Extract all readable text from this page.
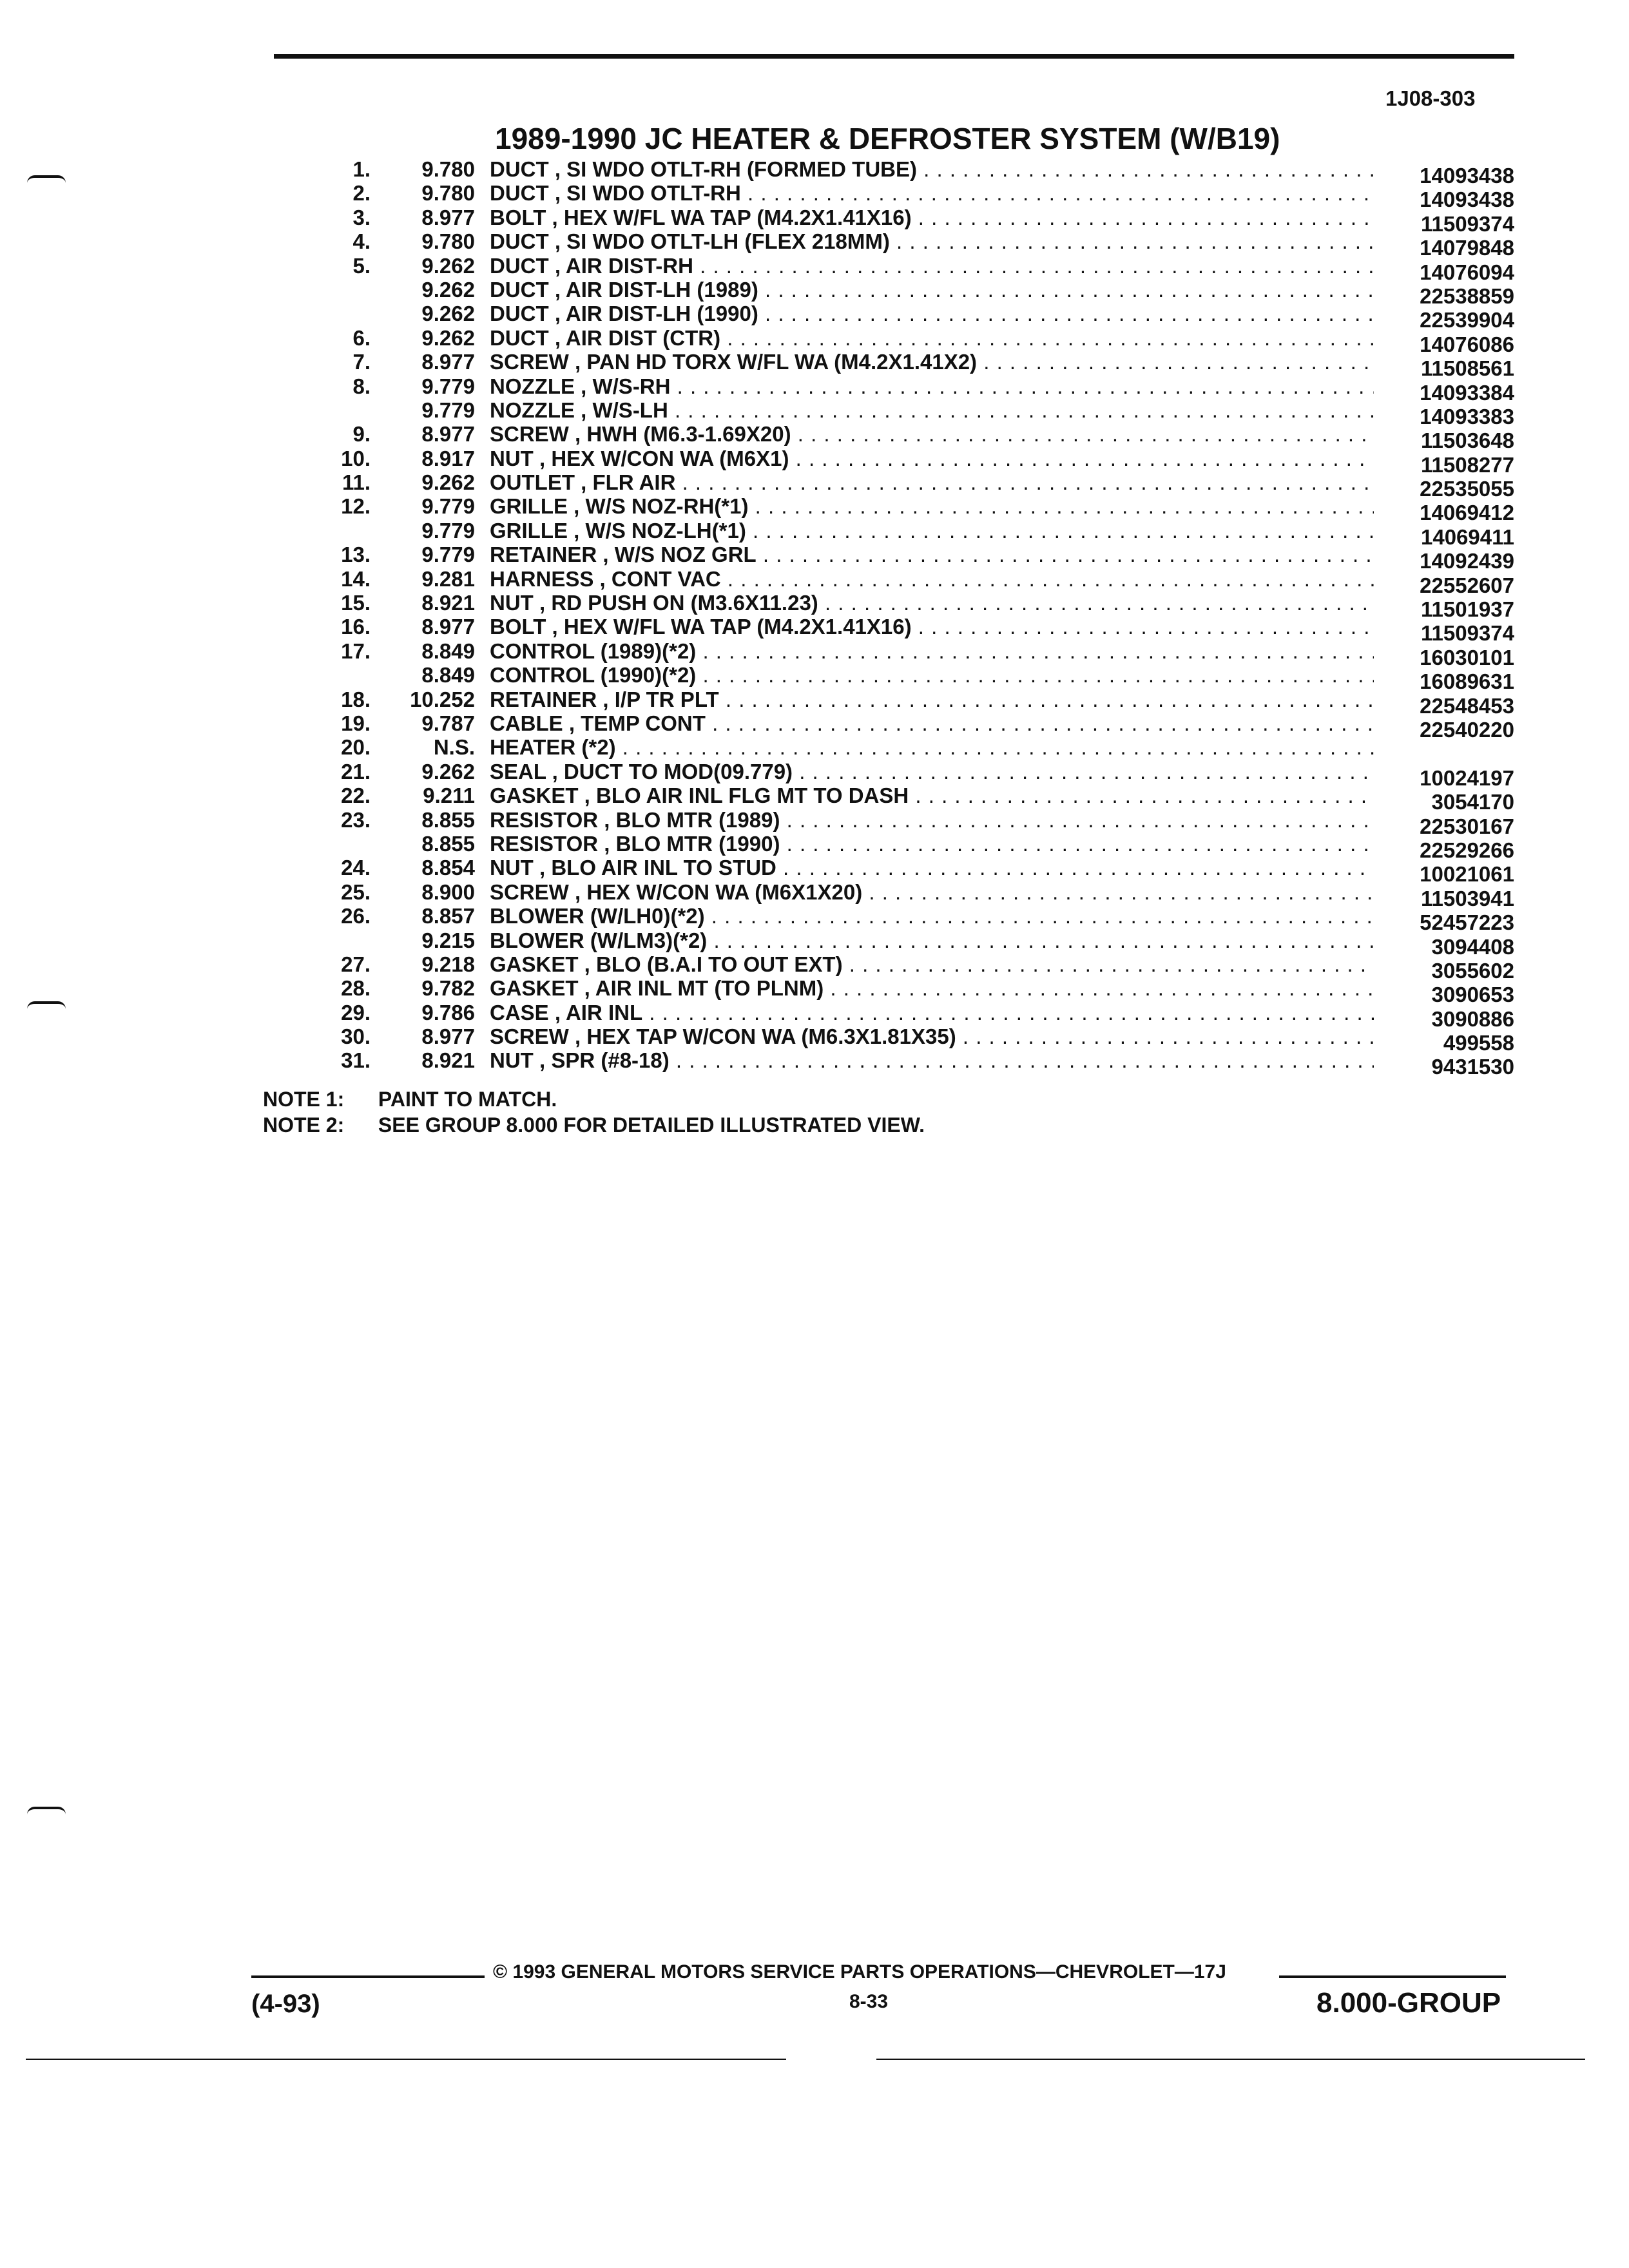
1J08-303
1989-1990 JC HEATER & DEFROSTER SYSTEM (W/B19)
1.	9.780 DUCT , SI WDO OTLT-RH (FORMED TUBE) . . .	14093438
2.	9.780 DUCT , SI WDO OTLT-RH . . .	14093438
3.	8.977 BOLT , HEX W/FL WA TAP (M4.2X1.41X16) . . .	11509374
4.	9.780 DUCT , SI WDO OTLT-LH (FLEX 218MM) . . .	14079848
5.	9.262 DUCT , AIR DIST-RH . . .	14076094
9.262 DUCT , AIR DIST-LH (1989) . . .	22538859
9.262 DUCT , AIR DIST-LH (1990) . . .	22539904
6.	9.262 DUCT , AIR DIST (CTR) . . .	14076086
7.	8.977 SCREW , PAN HD TORX W/FL WA (M4.2X1.41X2) . . .	11508561
8.	9.779 NOZZLE , W/S-RH . . .	14093384
9.779 NOZZLE , W/S-LH . . .	14093383
9.	8.977 SCREW , HWH (M6.3-1.69X20) . . .	11503648
10.	8.917 NUT , HEX W/CON WA (M6X1) . . .	11508277
11.	9.262 OUTLET , FLR AIR . . .	22535055
12.	9.779 GRILLE , W/S NOZ-RH(*1) . . .	14069412
9.779 GRILLE , W/S NOZ-LH(*1) . . .	14069411
13.	9.779 RETAINER , W/S NOZ GRL . . .	14092439
14.	9.281 HARNESS , CONT VAC . . .	22552607
15.	8.921 NUT , RD PUSH ON (M3.6X11.23) . . .	11501937
16.	8.977 BOLT , HEX W/FL WA TAP (M4.2X1.41X16) . . .	11509374
17.	8.849 CONTROL (1989)(*2) . . .	16030101
8.849 CONTROL (1990)(*2) . . .	16089631
18.	10.252 RETAINER , I/P TR PLT . . .	22548453
19.	9.787 CABLE , TEMP CONT . . .	22540220
20.	N.S. HEATER (*2) . . .
21.	9.262 SEAL , DUCT TO MOD(09.779) . . .	10024197
22.	9.211 GASKET , BLO AIR INL FLG MT TO DASH . . .	3054170
23.	8.855 RESISTOR , BLO MTR (1989) . . .	22530167
8.855 RESISTOR , BLO MTR (1990) . . .	22529266
24.	8.854 NUT , BLO AIR INL TO STUD . . .	10021061
25.	8.900 SCREW , HEX W/CON WA (M6X1X20) . . .	11503941
26.	8.857 BLOWER (W/LH0)(*2) . . .	52457223
9.215 BLOWER (W/LM3)(*2) . . .	3094408
27.	9.218 GASKET , BLO (B.A.I TO OUT EXT) . . .	3055602
28.	9.782 GASKET , AIR INL MT (TO PLNM) . . .	3090653
29.	9.786 CASE , AIR INL . . .	3090886
30.	8.977 SCREW , HEX TAP W/CON WA (M6.3X1.81X35) . . .	499558
31.	8.921 NUT , SPR (#8-18) . . .	9431530
NOTE 1: PAINT TO MATCH.
NOTE 2: SEE GROUP 8.000 FOR DETAILED ILLUSTRATED VIEW.
© 1993 GENERAL MOTORS SERVICE PARTS OPERATIONS—CHEVROLET—17J
(4-93)	8-33	8.000-GROUP
